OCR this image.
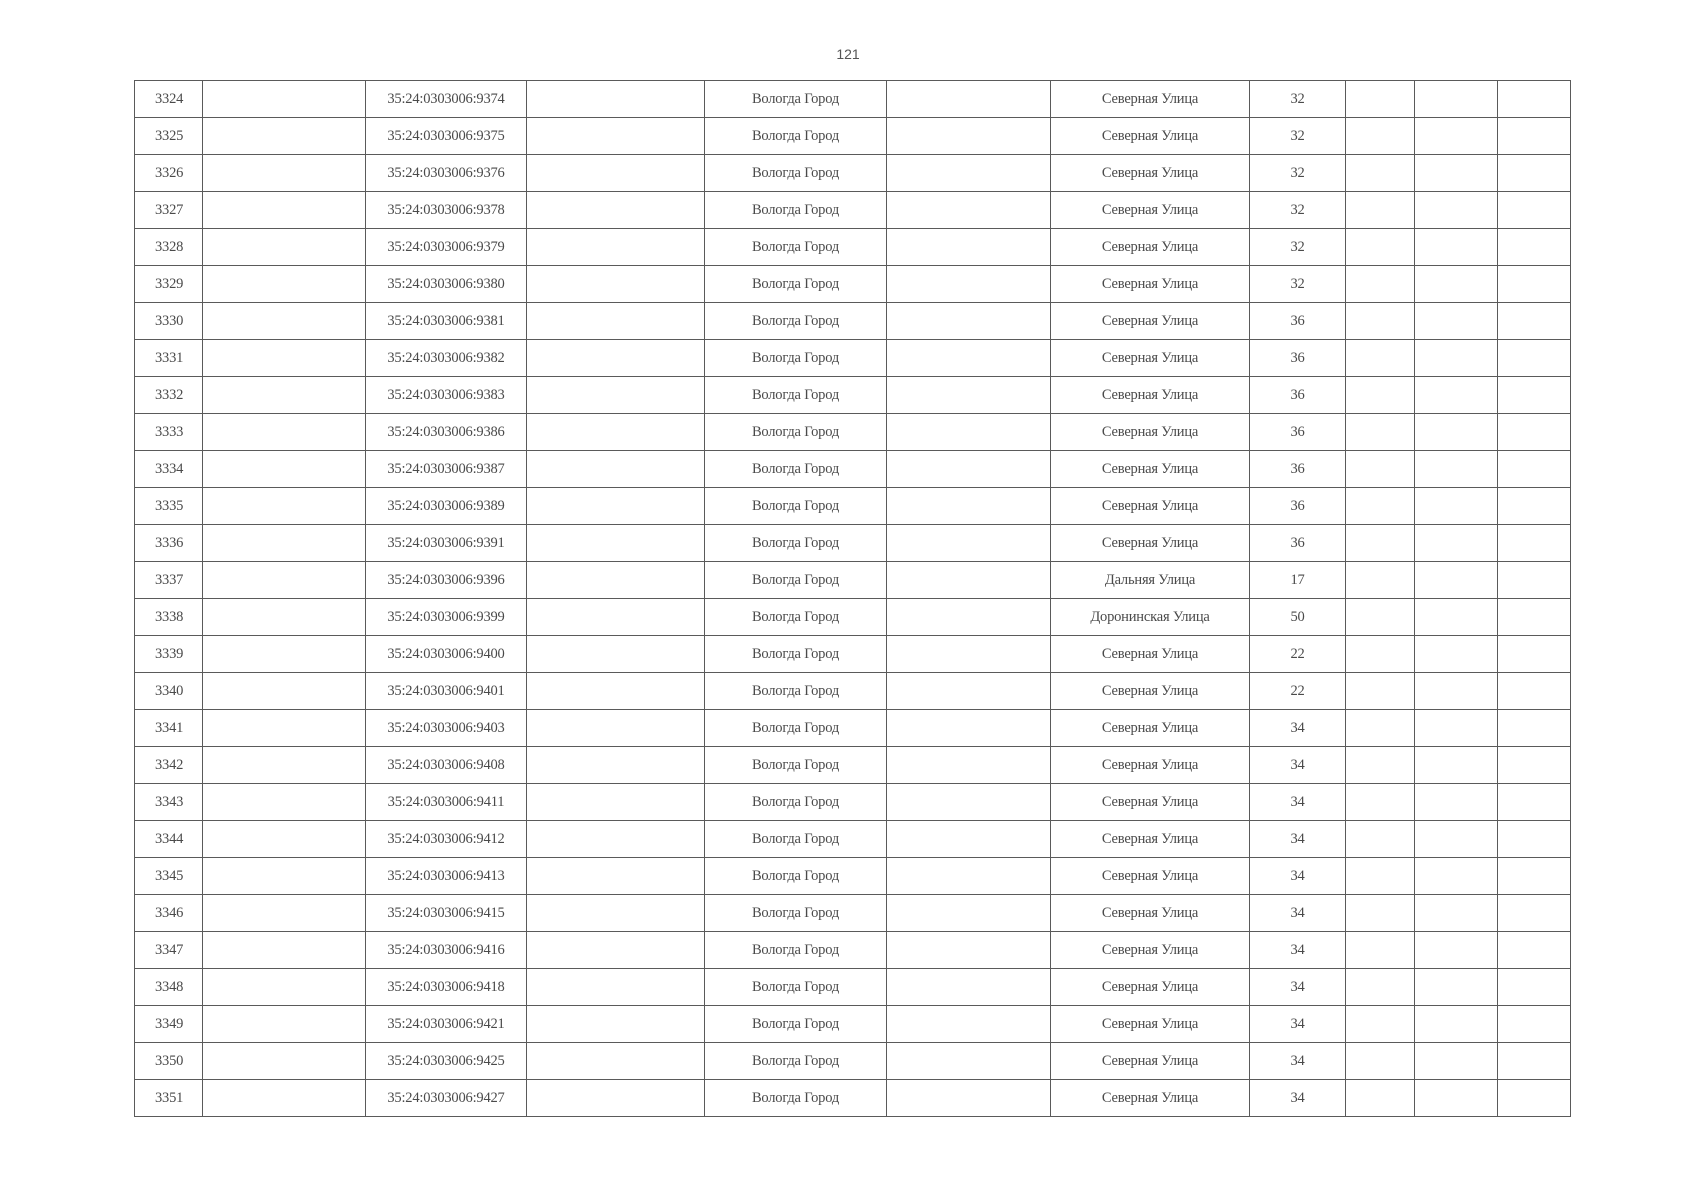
121
3324		35:24:0303006:9374		Вологда Город		Северная Улица	32			
3325		35:24:0303006:9375		Вологда Город		Северная Улица	32			
3326		35:24:0303006:9376		Вологда Город		Северная Улица	32			
3327		35:24:0303006:9378		Вологда Город		Северная Улица	32			
3328		35:24:0303006:9379		Вологда Город		Северная Улица	32			
3329		35:24:0303006:9380		Вологда Город		Северная Улица	32			
3330		35:24:0303006:9381		Вологда Город		Северная Улица	36			
3331		35:24:0303006:9382		Вологда Город		Северная Улица	36			
3332		35:24:0303006:9383		Вологда Город		Северная Улица	36			
3333		35:24:0303006:9386		Вологда Город		Северная Улица	36			
3334		35:24:0303006:9387		Вологда Город		Северная Улица	36			
3335		35:24:0303006:9389		Вологда Город		Северная Улица	36			
3336		35:24:0303006:9391		Вологда Город		Северная Улица	36			
3337		35:24:0303006:9396		Вологда Город		Дальняя Улица	17			
3338		35:24:0303006:9399		Вологда Город		Доронинская Улица	50			
3339		35:24:0303006:9400		Вологда Город		Северная Улица	22			
3340		35:24:0303006:9401		Вологда Город		Северная Улица	22			
3341		35:24:0303006:9403		Вологда Город		Северная Улица	34			
3342		35:24:0303006:9408		Вологда Город		Северная Улица	34			
3343		35:24:0303006:9411		Вологда Город		Северная Улица	34			
3344		35:24:0303006:9412		Вологда Город		Северная Улица	34			
3345		35:24:0303006:9413		Вологда Город		Северная Улица	34			
3346		35:24:0303006:9415		Вологда Город		Северная Улица	34			
3347		35:24:0303006:9416		Вологда Город		Северная Улица	34			
3348		35:24:0303006:9418		Вологда Город		Северная Улица	34			
3349		35:24:0303006:9421		Вологда Город		Северная Улица	34			
3350		35:24:0303006:9425		Вологда Город		Северная Улица	34			
3351		35:24:0303006:9427		Вологда Город		Северная Улица	34			
